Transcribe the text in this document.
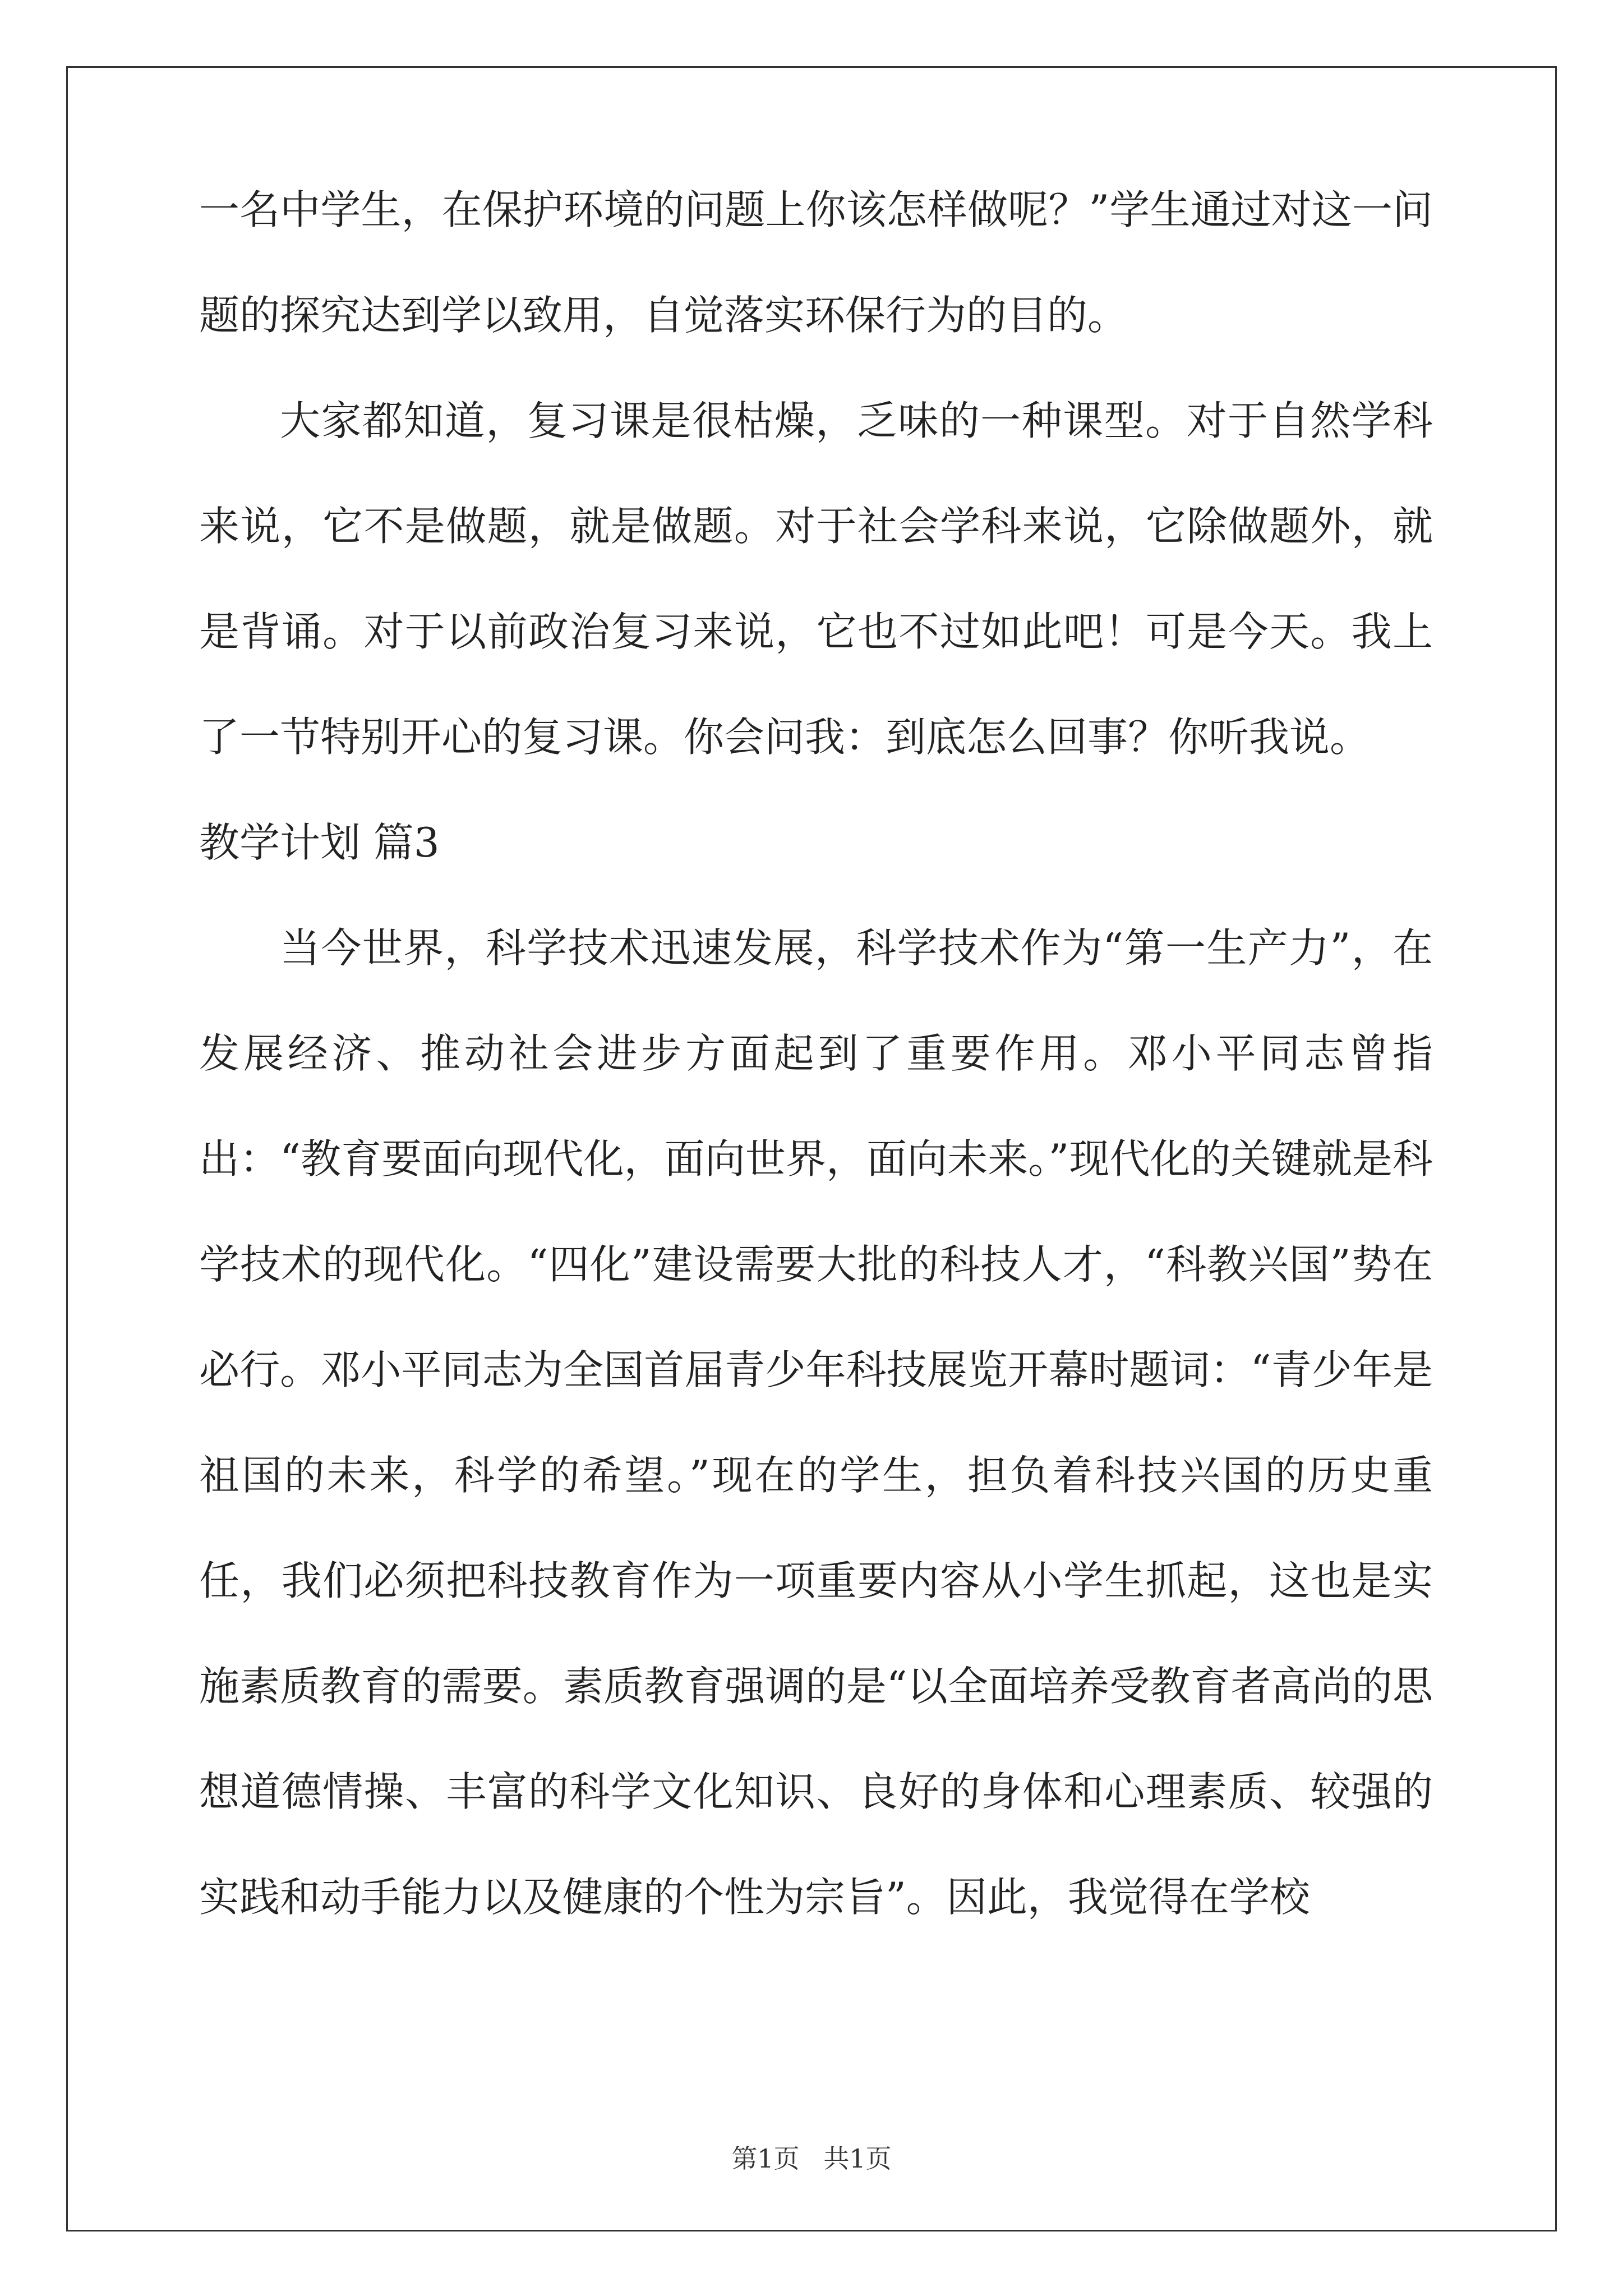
一名中学生，在保护环境的问题上你该怎样做呢？”学生通过对这一问题的探究达到学以致用，自觉落实环保行为的目的。

大家都知道，复习课是很枯燥，乏味的一种课型。对于自然学科来说，它不是做题，就是做题。对于社会学科来说，它除做题外，就是背诵。对于以前政治复习来说，它也不过如此吧！可是今天。我上了一节特别开心的复习课。你会问我：到底怎么回事？你听我说。

教学计划 篇3

当今世界，科学技术迅速发展，科学技术作为“第一生产力”，在发展经济、推动社会进步方面起到了重要作用。邓小平同志曾指出：“教育要面向现代化，面向世界，面向未来。”现代化的关键就是科学技术的现代化。“四化”建设需要大批的科技人才，“科教兴国”势在必行。邓小平同志为全国首届青少年科技展览开幕时题词：“青少年是祖国的未来，科学的希望。”现在的学生，担负着科技兴国的历史重任，我们必须把科技教育作为一项重要内容从小学生抓起，这也是实施素质教育的需要。素质教育强调的是“以全面培养受教育者高尚的思想道德情操、丰富的科学文化知识、良好的身体和心理素质、较强的实践和动手能力以及健康的个性为宗旨”。因此，我觉得在学校

第1页 共1页
